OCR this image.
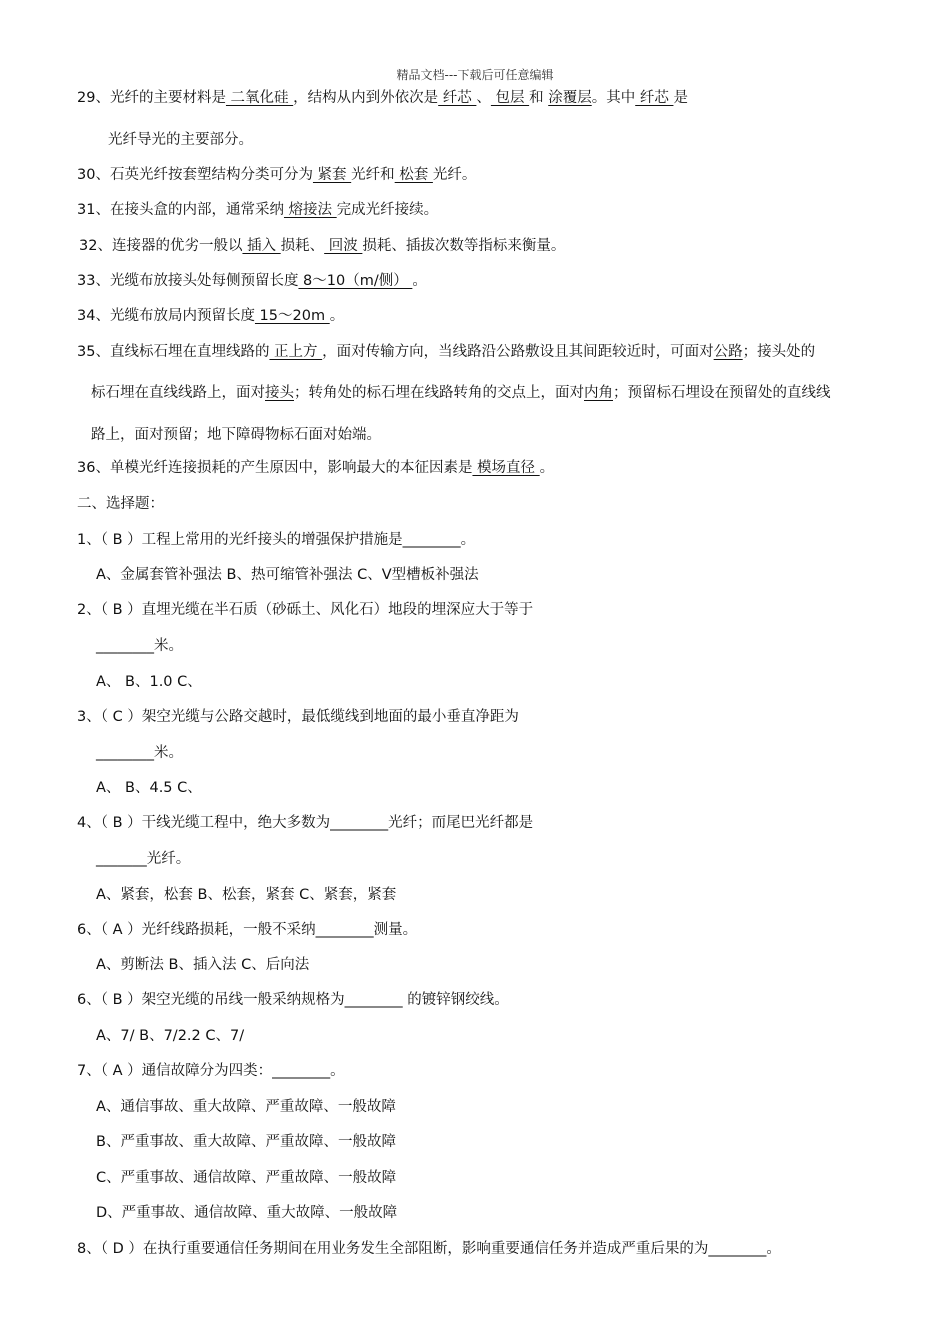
精品文档---下载后可任意编辑
29、光纤的主要材料是 二氧化硅 ，结构从内到外依次是 纤芯 、 包层 和 涂覆层。其中 纤芯 是
光纤导光的主要部分。
30、石英光纤按套塑结构分类可分为 紧套 光纤和 松套 光纤。
31、在接头盒的内部，通常采纳 熔接法 完成光纤接续。
32、连接器的优劣一般以 插入 损耗、 回波 损耗、插拔次数等指标来衡量。
33、光缆布放接头处每侧预留长度 8～10（m/侧） 。
34、光缆布放局内预留长度 15～20m 。
35、直线标石埋在直埋线路的 正上方 ，面对传输方向，当线路沿公路敷设且其间距较近时，可面对公路；接头处的
标石埋在直线线路上，面对接头；转角处的标石埋在线路转角的交点上，面对内角；预留标石埋设在预留处的直线线
路上，面对预留；地下障碍物标石面对始端。
36、单模光纤连接损耗的产生原因中，影响最大的本征因素是 模场直径 。
二、选择题：
1、（ B ）工程上常用的光纤接头的增强保护措施是________。
A、金属套管补强法 B、热可缩管补强法 C、V型槽板补强法
2、（ B ）直埋光缆在半石质（砂砾土、风化石）地段的埋深应大于等于
________米。
A、 B、1.0 C、
3、（ C ）架空光缆与公路交越时，最低缆线到地面的最小垂直净距为
________米。
A、 B、4.5 C、
4、（ B ）干线光缆工程中，绝大多数为________光纤；而尾巴光纤都是
_______光纤。
A、紧套，松套 B、松套，紧套 C、紧套，紧套
6、（ A ）光纤线路损耗，一般不采纳________测量。
A、剪断法 B、插入法 C、后向法
6、（ B ）架空光缆的吊线一般采纳规格为________ 的镀锌钢绞线。
A、7/ B、7/2.2 C、7/
7、（ A ）通信故障分为四类：________。
A、通信事故、重大故障、严重故障、一般故障
B、严重事故、重大故障、严重故障、一般故障
C、严重事故、通信故障、严重故障、一般故障
D、严重事故、通信故障、重大故障、一般故障
8、（ D ）在执行重要通信任务期间在用业务发生全部阻断，影响重要通信任务并造成严重后果的为________。
